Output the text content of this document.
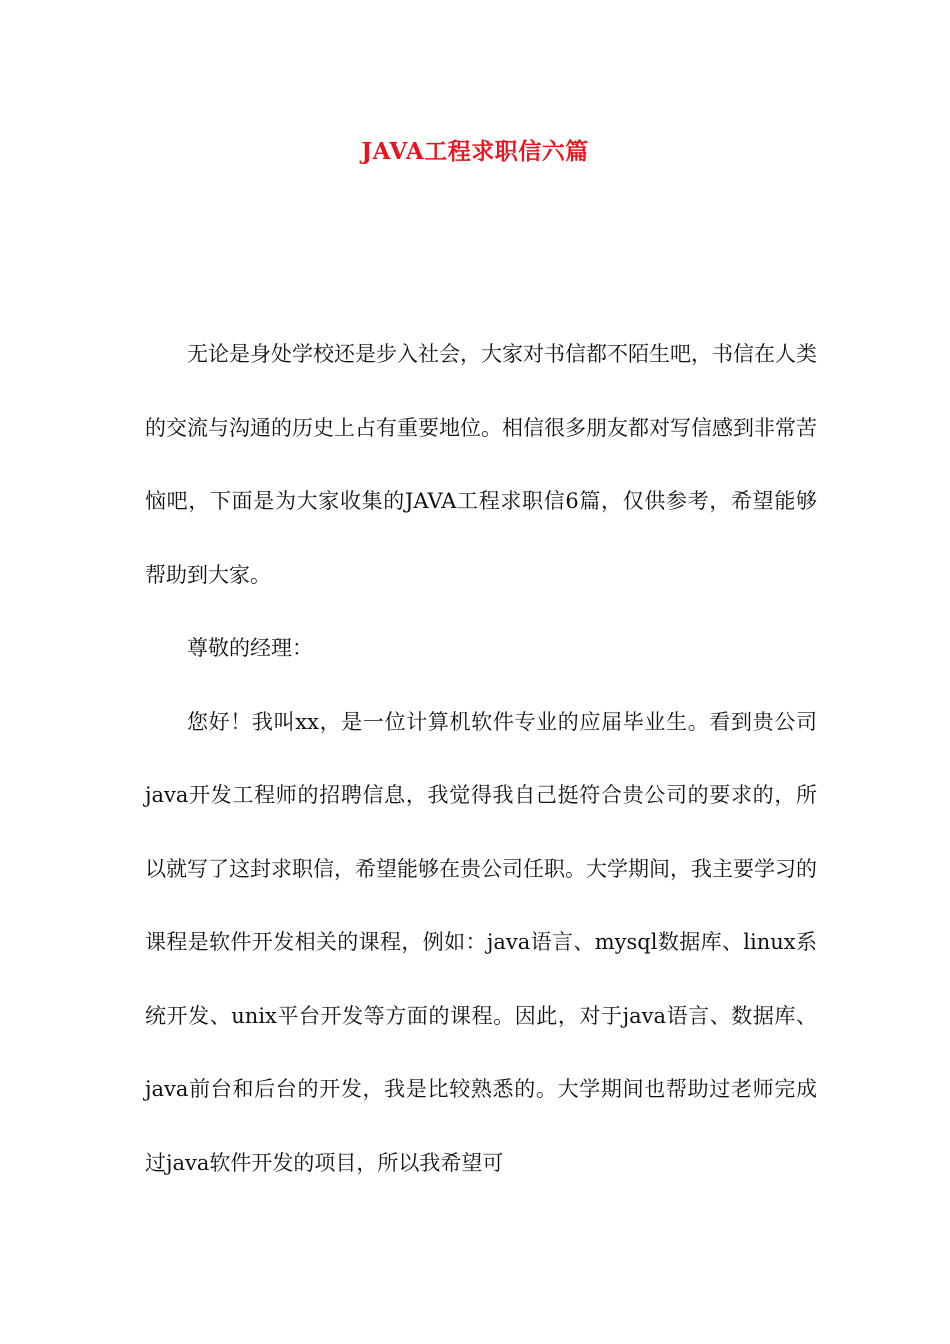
JAVA工程求职信六篇

无论是身处学校还是步入社会，大家对书信都不陌生吧，书信在人类的交流与沟通的历史上占有重要地位。相信很多朋友都对写信感到非常苦恼吧，下面是为大家收集的JAVA工程求职信6篇，仅供参考，希望能够帮助到大家。

尊敬的经理：

您好！我叫xx，是一位计算机软件专业的应届毕业生。看到贵公司java开发工程师的招聘信息，我觉得我自己挺符合贵公司的要求的，所以就写了这封求职信，希望能够在贵公司任职。大学期间，我主要学习的课程是软件开发相关的课程，例如：java语言、mysql数据库、linux系统开发、unix平台开发等方面的课程。因此，对于java语言、数据库、java前台和后台的开发，我是比较熟悉的。大学期间也帮助过老师完成过java软件开发的项目，所以我希望可
